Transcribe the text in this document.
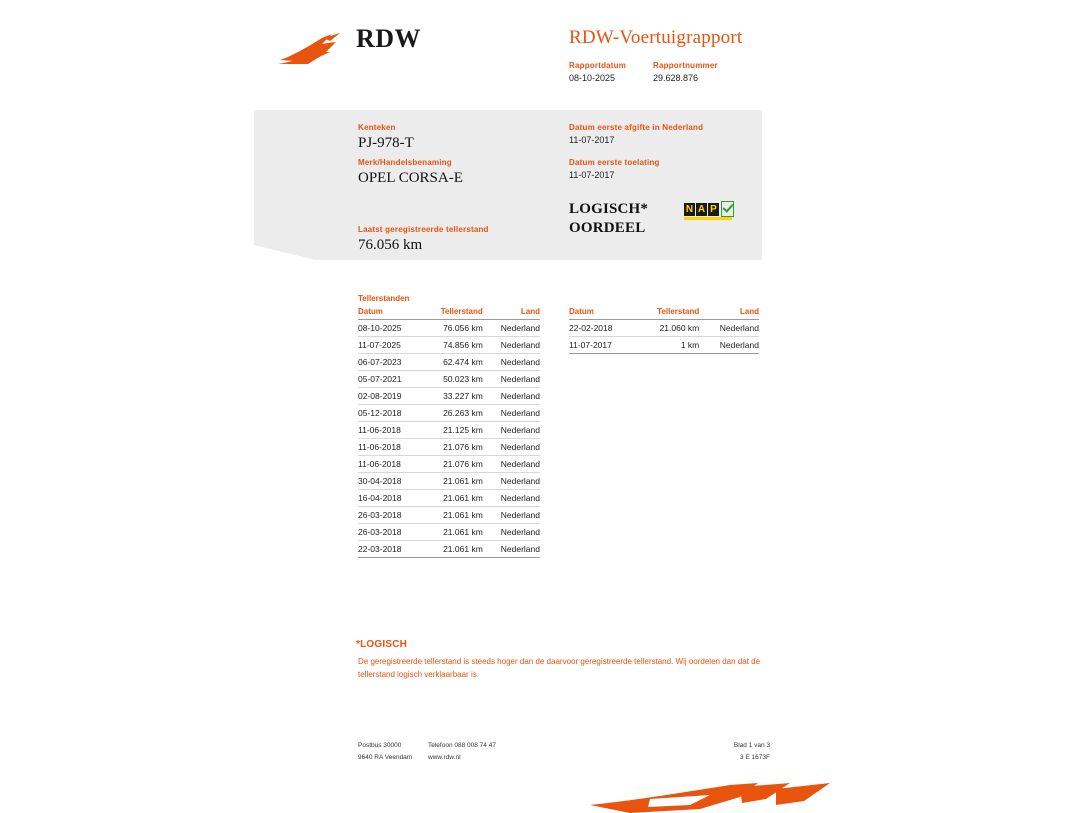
RDW	RDW-Voertuigrapport
Rapportdatum
08-10-2025
Rapportnummer
29.628.876
Kenteken
PJ-978-T
Merk/Handelsbenaming
OPEL CORSA-E
Laatst geregistreerde tellerstand
76.056 km
Datum eerste afgifte in Nederland
11-07-2017
Datum eerste toelating
11-07-2017
LOGISCH*
OORDEEL
N A P
Tellerstanden
Datum	Tellerstand	Land
08-10-2025	76.056 km	Nederland
11-07-2025	74.856 km	Nederland
06-07-2023	62.474 km	Nederland
05-07-2021	50.023 km	Nederland
02-08-2019	33.227 km	Nederland
05-12-2018	26.263 km	Nederland
11-06-2018	21.125 km	Nederland
11-06-2018	21.076 km	Nederland
11-06-2018	21.076 km	Nederland
30-04-2018	21.061 km	Nederland
16-04-2018	21.061 km	Nederland
26-03-2018	21.061 km	Nederland
26-03-2018	21.061 km	Nederland
22-03-2018	21.061 km	Nederland
Datum	Tellerstand	Land
22-02-2018	21.060 km	Nederland
11-07-2017	1 km	Nederland
*LOGISCH
De geregistreerde tellerstand is steeds hoger dan de daarvoor geregistreerde tellerstand. Wij oordelen dan dat de tellerstand logisch verklaarbaar is.
Postbus 30000
9640 RA Veendam
Telefoon 088 008 74 47
www.rdw.nl
Blad 1 van 3
3 E 1673F
